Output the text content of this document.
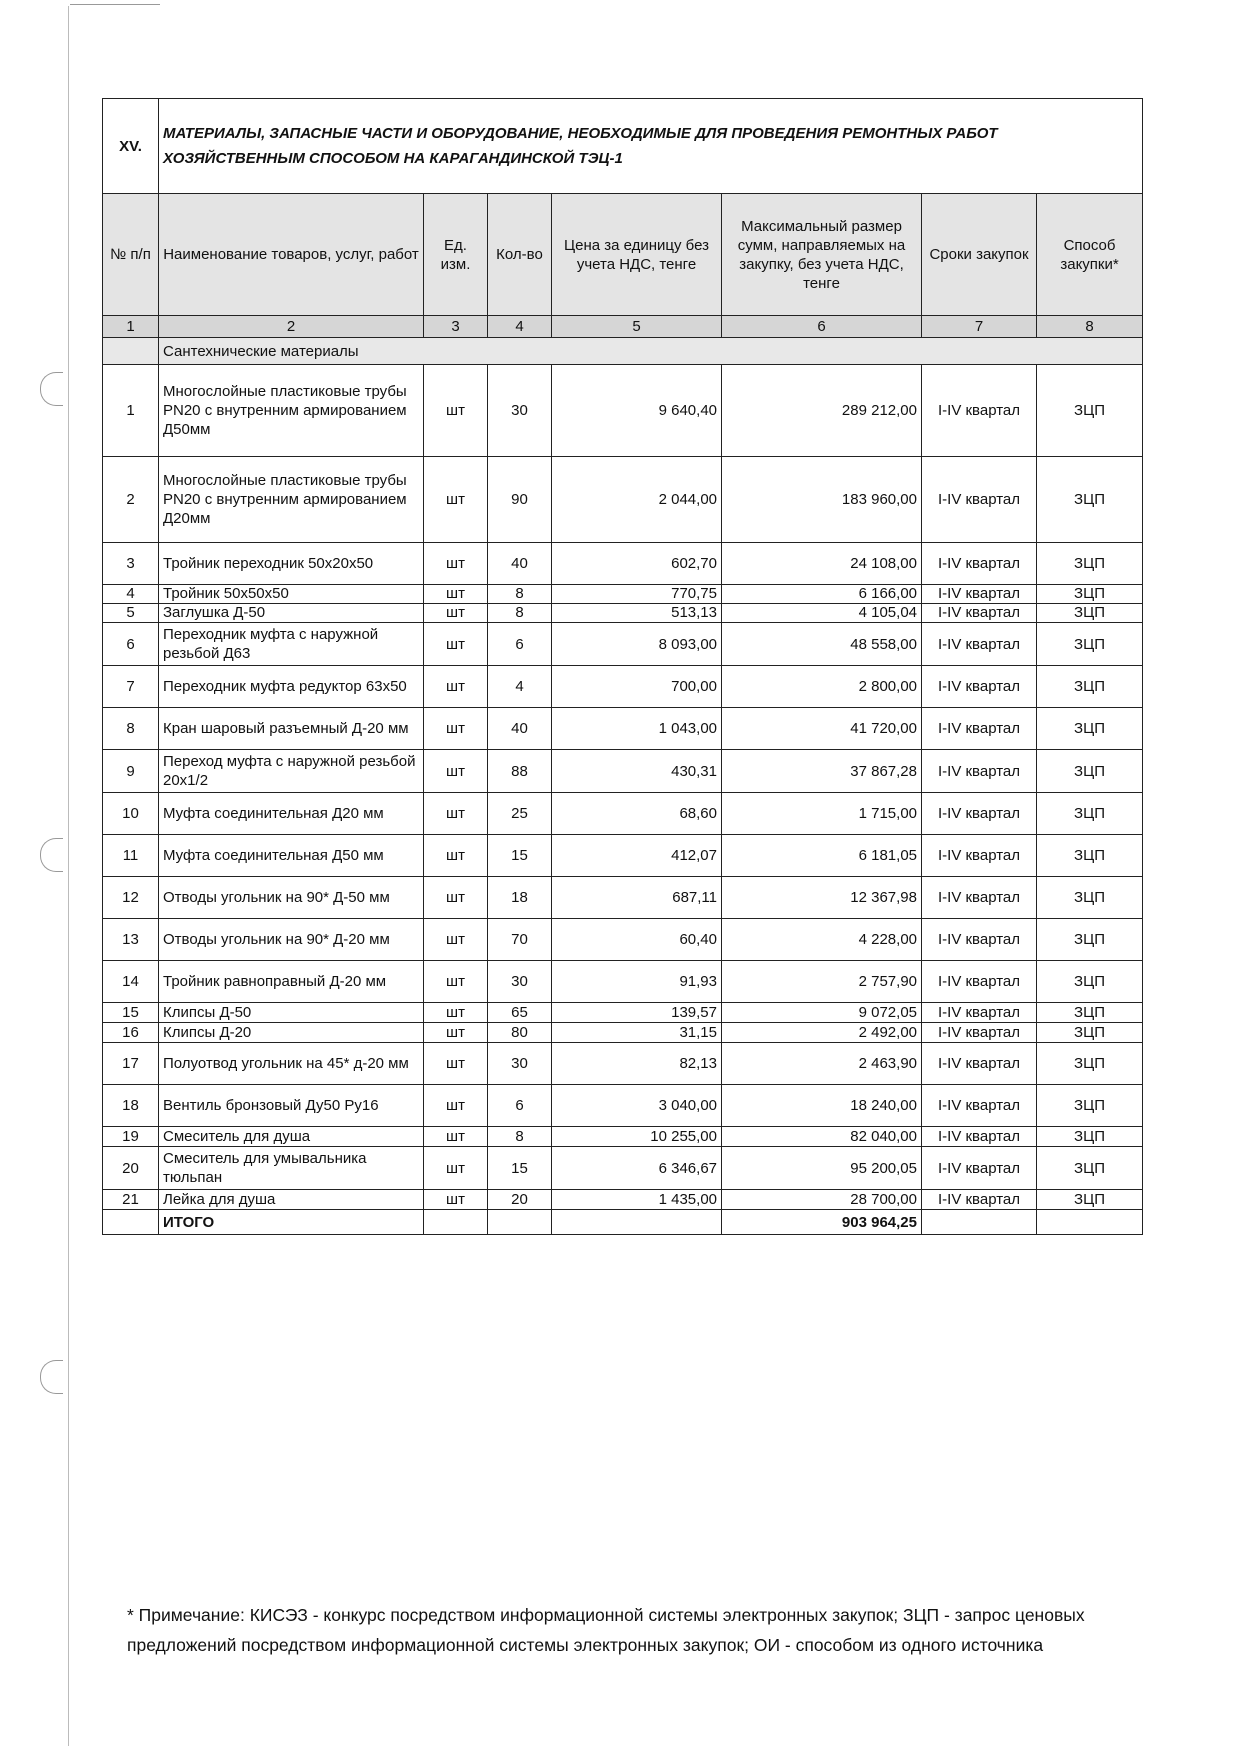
XV.	МАТЕРИАЛЫ, ЗАПАСНЫЕ ЧАСТИ И ОБОРУДОВАНИЕ, НЕОБХОДИМЫЕ ДЛЯ ПРОВЕДЕНИЯ РЕМОНТНЫХ РАБОТ ХОЗЯЙСТВЕННЫМ СПОСОБОМ НА КАРАГАНДИНСКОЙ ТЭЦ-1						
№ п/п	Наименование товаров, услуг, работ	Ед. изм.	Кол-во	Цена за единицу без учета НДС, тенге	Максимальный размер сумм, направляемых на закупку, без учета НДС, тенге	Сроки закупок	Способ закупки*
1	2	3	4	5	6	7	8
	Сантехнические материалы						
1	Многослойные пластиковые трубы PN20 с внутренним армированием Д50мм	шт	30	9 640,40	289 212,00	I-IV квартал	ЗЦП
2	Многослойные пластиковые трубы PN20 с внутренним армированием Д20мм	шт	90	2 044,00	183 960,00	I-IV квартал	ЗЦП
3	Тройник переходник 50х20х50	шт	40	602,70	24 108,00	I-IV квартал	ЗЦП
4	Тройник 50х50х50	шт	8	770,75	6 166,00	I-IV квартал	ЗЦП
5	Заглушка Д-50	шт	8	513,13	4 105,04	I-IV квартал	ЗЦП
6	Переходник муфта с наружной резьбой Д63	шт	6	8 093,00	48 558,00	I-IV квартал	ЗЦП
7	Переходник муфта редуктор 63х50	шт	4	700,00	2 800,00	I-IV квартал	ЗЦП
8	Кран шаровый разъемный Д-20 мм	шт	40	1 043,00	41 720,00	I-IV квартал	ЗЦП
9	Переход муфта с наружной резьбой 20х1/2	шт	88	430,31	37 867,28	I-IV квартал	ЗЦП
10	Муфта соединительная Д20 мм	шт	25	68,60	1 715,00	I-IV квартал	ЗЦП
11	Муфта соединительная Д50 мм	шт	15	412,07	6 181,05	I-IV квартал	ЗЦП
12	Отводы угольник на 90* Д-50 мм	шт	18	687,11	12 367,98	I-IV квартал	ЗЦП
13	Отводы угольник на 90* Д-20 мм	шт	70	60,40	4 228,00	I-IV квартал	ЗЦП
14	Тройник равноправный Д-20 мм	шт	30	91,93	2 757,90	I-IV квартал	ЗЦП
15	Клипсы Д-50	шт	65	139,57	9 072,05	I-IV квартал	ЗЦП
16	Клипсы Д-20	шт	80	31,15	2 492,00	I-IV квартал	ЗЦП
17	Полуотвод угольник на 45* д-20 мм	шт	30	82,13	2 463,90	I-IV квартал	ЗЦП
18	Вентиль бронзовый Ду50 Ру16	шт	6	3 040,00	18 240,00	I-IV квартал	ЗЦП
19	Смеситель для душа	шт	8	10 255,00	82 040,00	I-IV квартал	ЗЦП
20	Смеситель для умывальника тюльпан	шт	15	6 346,67	95 200,05	I-IV квартал	ЗЦП
21	Лейка для душа	шт	20	1 435,00	28 700,00	I-IV квартал	ЗЦП
	ИТОГО				903 964,25		
* Примечание: КИСЭЗ - конкурс посредством информационной системы электронных закупок; ЗЦП - запрос ценовых предложений посредством информационной системы электронных закупок; ОИ - способом из одного источника
